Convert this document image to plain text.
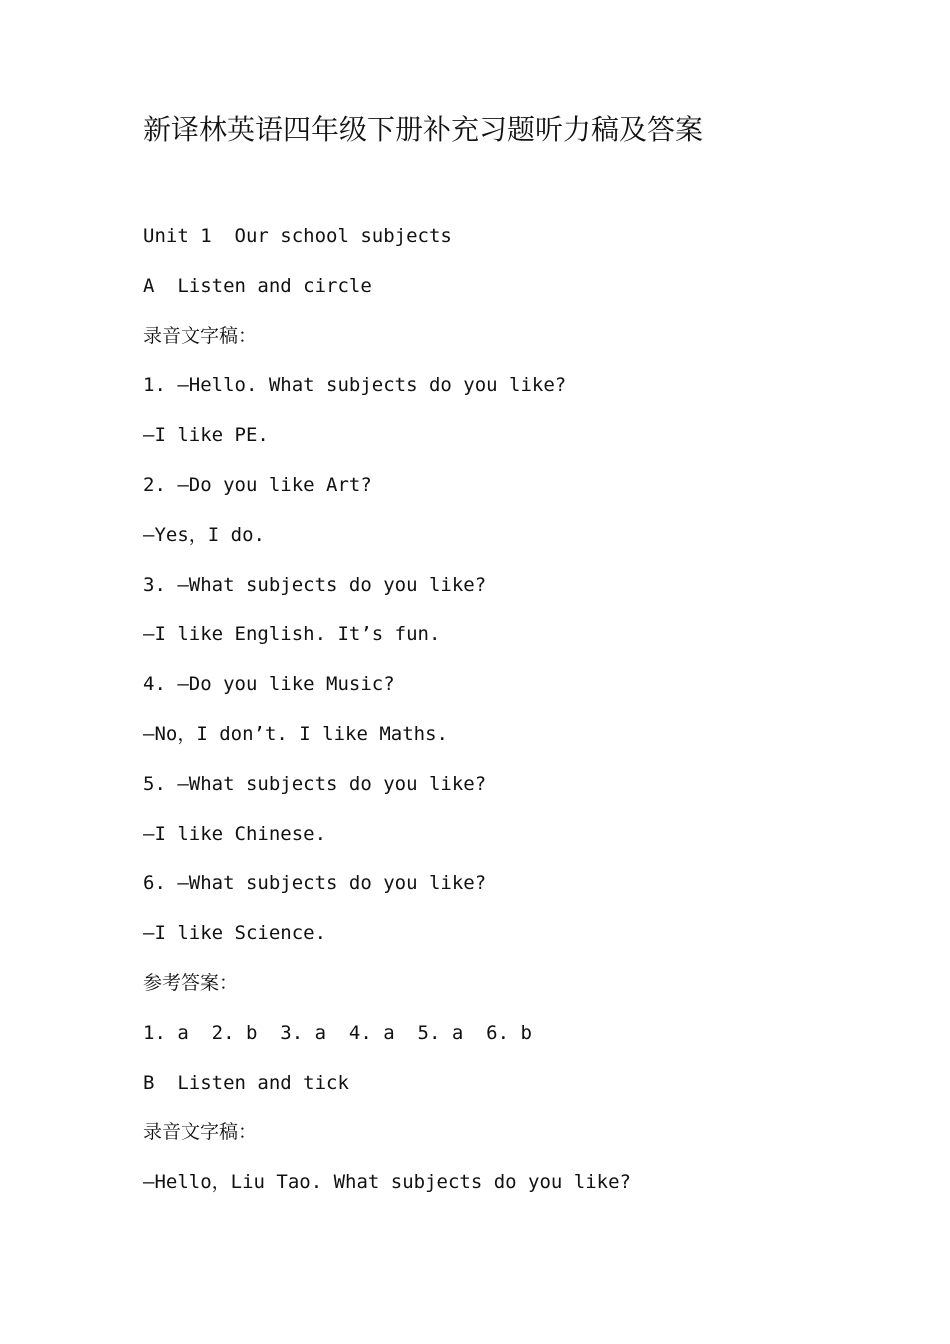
新译林英语四年级下册补充习题听力稿及答案
Unit 1  Our school subjects
A  Listen and circle
录音文字稿：
1. —Hello. What subjects do you like?
—I like PE.
2. —Do you like Art?
—Yes，I do.
3. —What subjects do you like?
—I like English. It’s fun.
4. —Do you like Music?
—No，I don’t. I like Maths.
5. —What subjects do you like?
—I like Chinese.
6. —What subjects do you like?
—I like Science.
参考答案：
1. a  2. b  3. a  4. a  5. a  6. b
B  Listen and tick
录音文字稿：
—Hello，Liu Tao. What subjects do you like?
